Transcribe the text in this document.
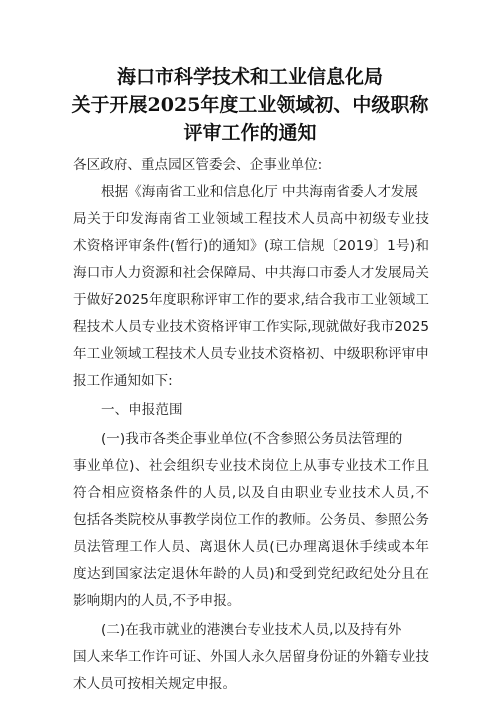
海口市科学技术和工业信息化局
关于开展2025年度工业领域初、中级职称
评审工作的通知
各区政府、重点园区管委会、企事业单位:
根据《海南省工业和信息化厅 中共海南省委人才发展
局关于印发海南省工业领域工程技术人员高中初级专业技
术资格评审条件(暂行)的通知》(琼工信规〔2019〕1号)和
海口市人力资源和社会保障局、中共海口市委人才发展局关
于做好2025年度职称评审工作的要求,结合我市工业领域工
程技术人员专业技术资格评审工作实际,现就做好我市2025
年工业领域工程技术人员专业技术资格初、中级职称评审申
报工作通知如下:
一、申报范围
(一)我市各类企事业单位(不含参照公务员法管理的
事业单位)、社会组织专业技术岗位上从事专业技术工作且
符合相应资格条件的人员,以及自由职业专业技术人员,不
包括各类院校从事教学岗位工作的教师。公务员、参照公务
员法管理工作人员、离退休人员(已办理离退休手续或本年
度达到国家法定退休年龄的人员)和受到党纪政纪处分且在
影响期内的人员,不予申报。
(二)在我市就业的港澳台专业技术人员,以及持有外
国人来华工作许可证、外国人永久居留身份证的外籍专业技
术人员可按相关规定申报。
